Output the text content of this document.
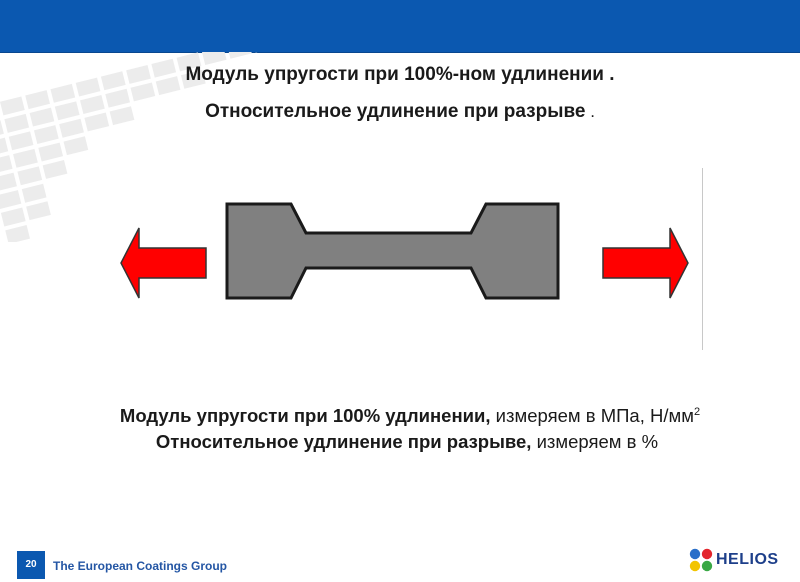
Модуль упругости при 100%-ном удлинении .
Относительное удлинение при разрыве .
Модуль упругости при 100% удлинении, измеряем в МПа, $Н/мм^2$
Относительное удлинение при разрыве, измеряем в %
20	The European Coatings Group	HELIOS
